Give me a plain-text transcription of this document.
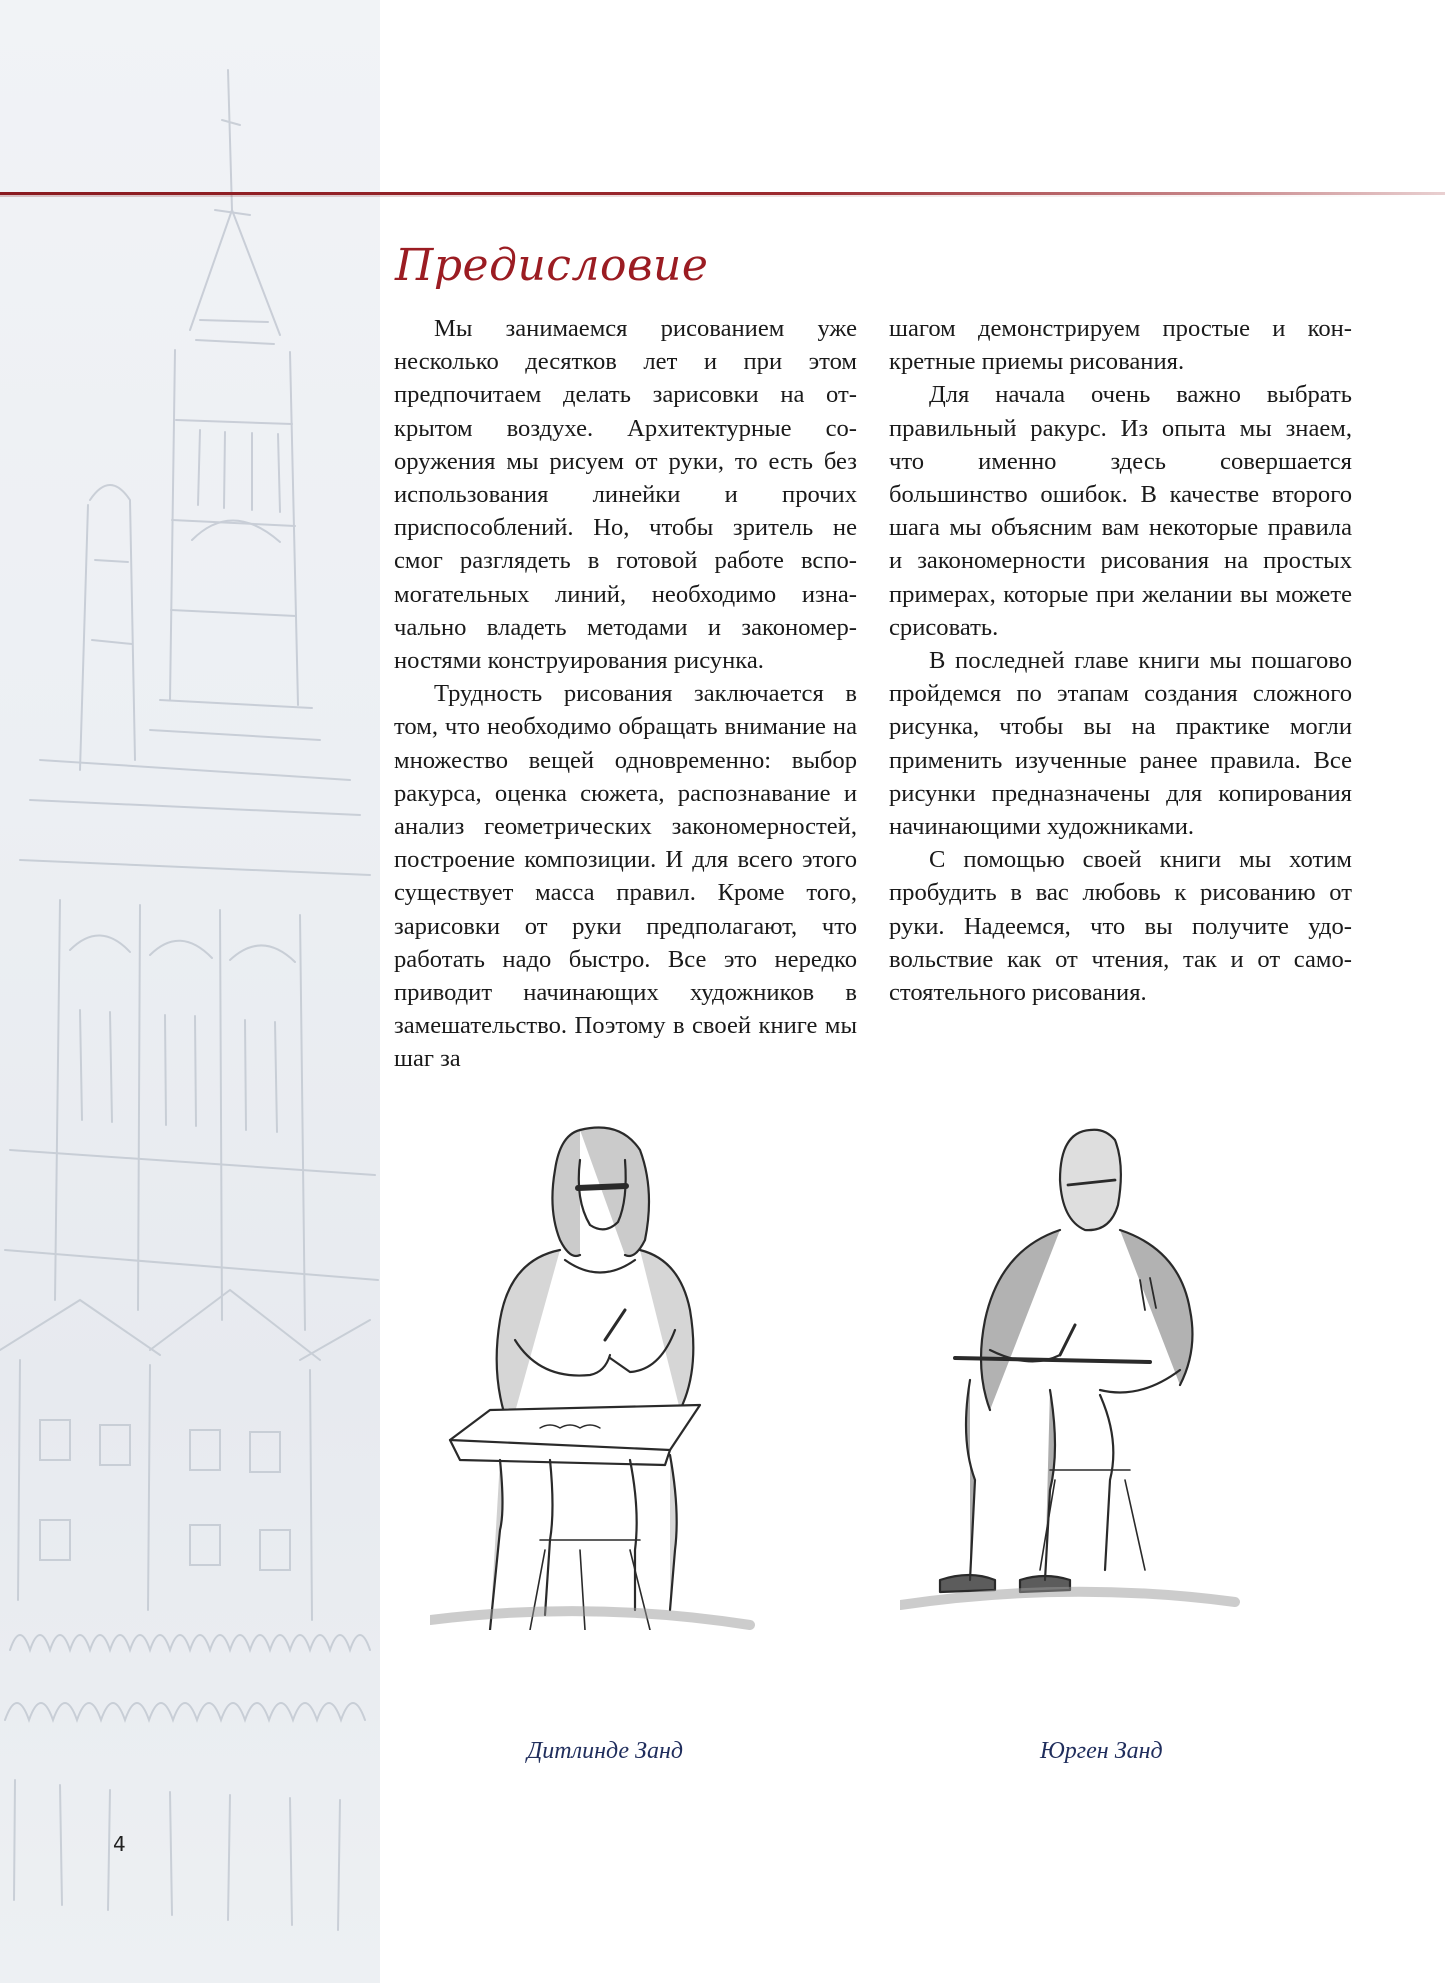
Предисловие

Мы занимаемся рисованием уже несколько десятков лет и при этом предпочитаем делать зарисовки на открытом воздухе. Архитектурные сооружения мы рисуем от руки, то есть без использования линейки и прочих приспособлений. Но, чтобы зритель не смог разглядеть в готовой работе вспомогательных линий, необходимо изначально владеть методами и закономерностями конструирования рисунка.

Трудность рисования заключается в том, что необходимо обращать внимание на множество вещей одновременно: выбор ракурса, оценка сюжета, распознавание и анализ геометрических закономерностей, построение композиции. И для всего этого существует масса правил. Кроме того, зарисовки от руки предполагают, что работать надо быстро. Все это нередко приводит начинающих художников в замешательство. Поэтому в своей книге мы шаг за

шагом демонстрируем простые и конкретные приемы рисования.

Для начала очень важно выбрать правильный ракурс. Из опыта мы знаем, что именно здесь совершается большинство ошибок. В качестве второго шага мы объясним вам некоторые правила и закономерности рисования на простых примерах, которые при желании вы можете срисовать.

В последней главе книги мы пошагово пройдемся по этапам создания сложного рисунка, чтобы вы на практике могли применить изученные ранее правила. Все рисунки предназначены для копирования начинающими художниками.

С помощью своей книги мы хотим пробудить в вас любовь к рисованию от руки. Надеемся, что вы получите удовольствие как от чтения, так и от самостоятельного рисования.

Дитлинде Занд	Юрген Занд
4
